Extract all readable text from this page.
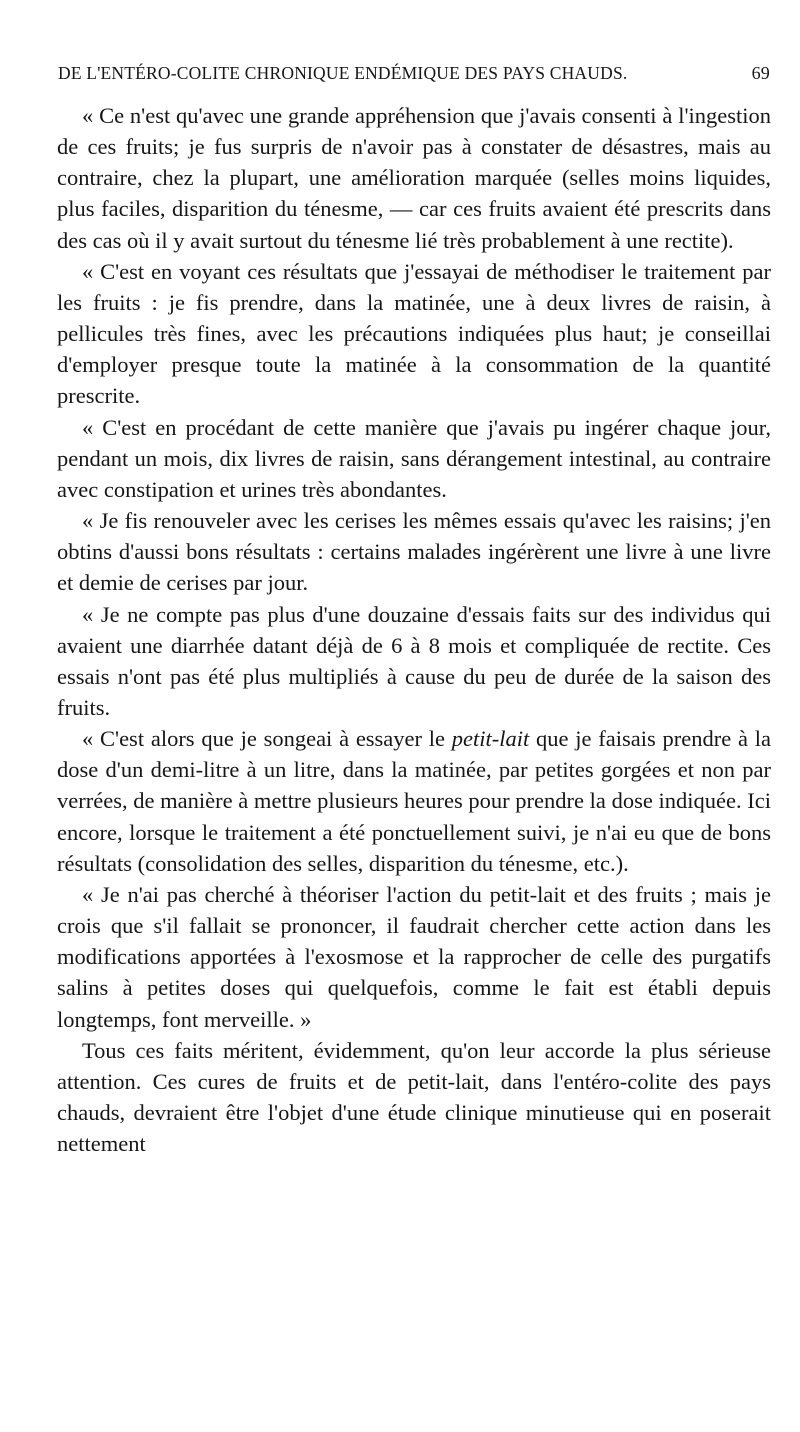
DE L'ENTÉRO-COLITE CHRONIQUE ENDÉMIQUE DES PAYS CHAUDS.	69

« Ce n'est qu'avec une grande appréhension que j'avais consenti à l'ingestion de ces fruits; je fus surpris de n'avoir pas à constater de désastres, mais au contraire, chez la plupart, une amélioration marquée (selles moins liquides, plus faciles, disparition du ténesme, — car ces fruits avaient été prescrits dans des cas où il y avait surtout du ténesme lié très probablement à une rectite).

« C'est en voyant ces résultats que j'essayai de méthodiser le traitement par les fruits : je fis prendre, dans la matinée, une à deux livres de raisin, à pellicules très fines, avec les précautions indiquées plus haut; je conseillai d'employer presque toute la matinée à la consommation de la quantité prescrite.

« C'est en procédant de cette manière que j'avais pu ingérer chaque jour, pendant un mois, dix livres de raisin, sans dérangement intestinal, au contraire avec constipation et urines très abondantes.

« Je fis renouveler avec les cerises les mêmes essais qu'avec les raisins; j'en obtins d'aussi bons résultats : certains malades ingérèrent une livre à une livre et demie de cerises par jour.

« Je ne compte pas plus d'une douzaine d'essais faits sur des individus qui avaient une diarrhée datant déjà de 6 à 8 mois et compliquée de rectite. Ces essais n'ont pas été plus multipliés à cause du peu de durée de la saison des fruits.

« C'est alors que je songeai à essayer le petit-lait que je faisais prendre à la dose d'un demi-litre à un litre, dans la matinée, par petites gorgées et non par verrées, de manière à mettre plusieurs heures pour prendre la dose indiquée. Ici encore, lorsque le traitement a été ponctuellement suivi, je n'ai eu que de bons résultats (consolidation des selles, disparition du ténesme, etc.).

« Je n'ai pas cherché à théoriser l'action du petit-lait et des fruits ; mais je crois que s'il fallait se prononcer, il faudrait chercher cette action dans les modifications apportées à l'exosmose et la rapprocher de celle des purgatifs salins à petites doses qui quelquefois, comme le fait est établi depuis longtemps, font merveille. »

Tous ces faits méritent, évidemment, qu'on leur accorde la plus sérieuse attention. Ces cures de fruits et de petit-lait, dans l'entéro-colite des pays chauds, devraient être l'objet d'une étude clinique minutieuse qui en poserait nettement
